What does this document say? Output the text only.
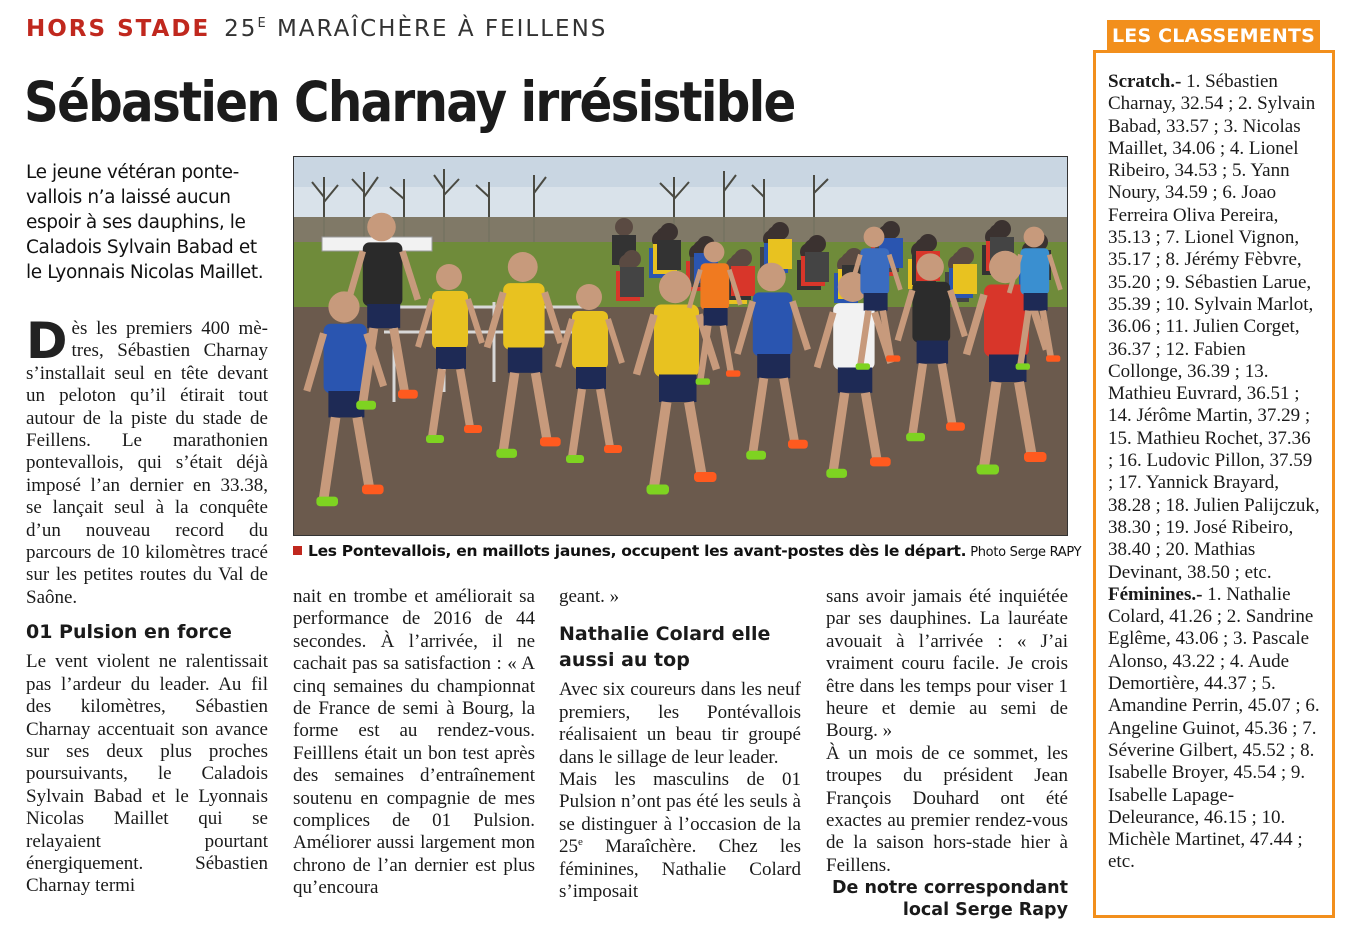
HORS STADE $25^E$ MARAÎCHÈRE À FEILLENS
Sébastien Charnay irrésistible

Le jeune vétéran pontevallois n’a laissé aucun espoir à ses dauphins, le Caladois Sylvain Babad et le Lyonnais Nicolas Maillet.

Les Pontevallois, en maillots jaunes, occupent les avant-postes dès le départ. Photo Serge RAPY

Dès les premiers 400 mètres, Sébastien Charnay s’installait seul en tête devant un peloton qu’il étirait tout autour de la piste du stade de Feillens. Le marathonien pontevallois, qui s’était déjà imposé l’an dernier en 33.38, se lançait seul à la conquête d’un nouveau record du parcours de 10 kilomètres tracé sur les petites routes du Val de Saône.

01 Pulsion en force

Le vent violent ne ralentissait pas l’ardeur du leader. Au fil des kilomètres, Sébastien Charnay accentuait son avance sur ses deux plus proches poursuivants, le Caladois Sylvain Babad et le Lyonnais Nicolas Maillet qui se relayaient pourtant énergiquement. Sébastien Charnay termi

nait en trombe et améliorait sa performance de 2016 de 44 secondes. À l’arrivée, il ne cachait pas sa satisfaction : « A cinq semaines du championnat de France de semi à Bourg, la forme est au rendez-vous. Feilllens était un bon test après des semaines d’entraînement soutenu en compagnie de mes complices de 01 Pulsion. Améliorer aussi largement mon chrono de l’an dernier est plus qu’encoura

geant. »

Nathalie Colard elle aussi au top

Avec six coureurs dans les neuf premiers, les Pontévallois réalisaient un beau tir groupé dans le sillage de leur leader.

Mais les masculins de 01 Pulsion n’ont pas été les seuls à se distinguer à l’occasion de la 25e Maraîchère. Chez les féminines, Nathalie Colard s’imposait

sans avoir jamais été inquiétée par ses dauphines. La lauréate avouait à l’arrivée : « J’ai vraiment couru facile. Je crois être dans les temps pour viser 1 heure et demie au semi de Bourg. »

À un mois de ce sommet, les troupes du président Jean François Douhard ont été exactes au premier rendez-vous de la saison hors-stade hier à Feillens.

De notre correspondant
local Serge Rapy
LES CLASSEMENTS
Scratch.- 1. Sébastien Charnay, 32.54 ; 2. Sylvain Babad, 33.57 ; 3. Nicolas Maillet, 34.06 ; 4. Lionel Ribeiro, 34.53 ; 5. Yann Noury, 34.59 ; 6. Joao Ferreira Oliva Pereira, 35.13 ; 7. Lionel Vignon, 35.17 ; 8. Jérémy Fèbvre, 35.20 ; 9. Sébastien Larue, 35.39 ; 10. Sylvain Marlot, 36.06 ; 11. Julien Corget, 36.37 ; 12. Fabien Collonge, 36.39 ; 13. Mathieu Euvrard, 36.51 ; 14. Jérôme Martin, 37.29 ; 15. Mathieu Rochet, 37.36 ; 16. Ludovic Pillon, 37.59 ; 17. Yannick Brayard, 38.28 ; 18. Julien Palijczuk, 38.30 ; 19. José Ribeiro, 38.40 ; 20. Mathias Devinant, 38.50 ; etc.
Féminines.- 1. Nathalie Colard, 41.26 ; 2. Sandrine Eglême, 43.06 ; 3. Pascale Alonso, 43.22 ; 4. Aude Demortière, 44.37 ; 5. Amandine Perrin, 45.07 ; 6. Angeline Guinot, 45.36 ; 7. Séverine Gilbert, 45.52 ; 8. Isabelle Broyer, 45.54 ; 9. Isabelle Lapage-Deleurance, 46.15 ; 10. Michèle Martinet, 47.44 ; etc.
